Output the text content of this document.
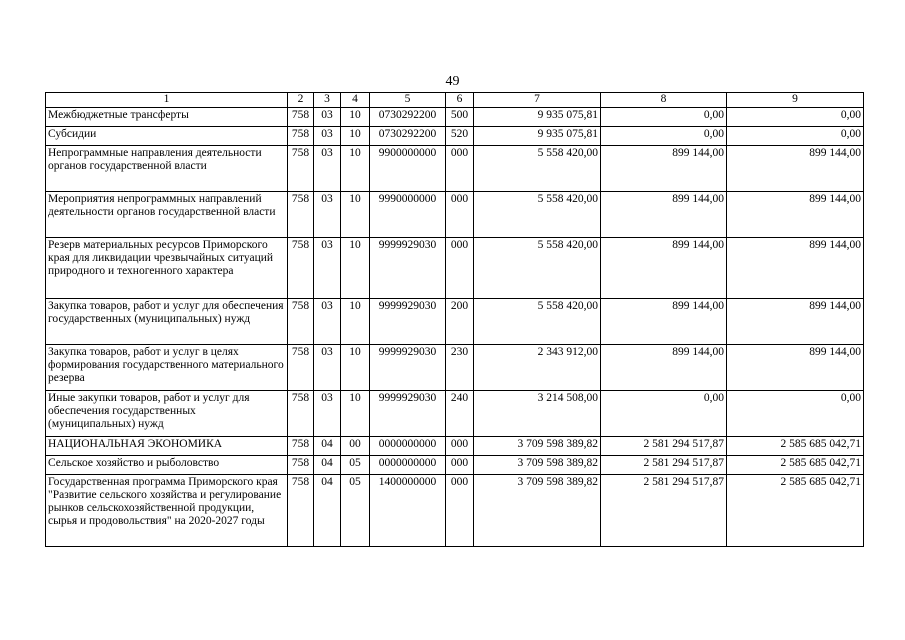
49
1	2	3	4	5	6	7	8	9
Межбюджетные трансферты	758	03	10	0730292200	500	9 935 075,81	0,00	0,00
Субсидии	758	03	10	0730292200	520	9 935 075,81	0,00	0,00
Непрограммные направления деятельности органов государственной власти	758	03	10	9900000000	000	5 558 420,00	899 144,00	899 144,00
Мероприятия непрограммных направлений деятельности органов государственной власти	758	03	10	9990000000	000	5 558 420,00	899 144,00	899 144,00
Резерв материальных ресурсов Приморского края для ликвидации чрезвычайных ситуаций природного и техногенного характера	758	03	10	9999929030	000	5 558 420,00	899 144,00	899 144,00
Закупка товаров, работ и услуг для обеспечения государственных (муниципальных) нужд	758	03	10	9999929030	200	5 558 420,00	899 144,00	899 144,00
Закупка товаров, работ и услуг в целях формирования государственного материального резерва	758	03	10	9999929030	230	2 343 912,00	899 144,00	899 144,00
Иные закупки товаров, работ и услуг для обеспечения государственных (муниципальных) нужд	758	03	10	9999929030	240	3 214 508,00	0,00	0,00
НАЦИОНАЛЬНАЯ ЭКОНОМИКА	758	04	00	0000000000	000	3 709 598 389,82	2 581 294 517,87	2 585 685 042,71
Сельское хозяйство и рыболовство	758	04	05	0000000000	000	3 709 598 389,82	2 581 294 517,87	2 585 685 042,71
Государственная программа Приморского края "Развитие сельского хозяйства и регулирование рынков сельскохозяйственной продукции, сырья и продовольствия" на 2020-2027 годы	758	04	05	1400000000	000	3 709 598 389,82	2 581 294 517,87	2 585 685 042,71
